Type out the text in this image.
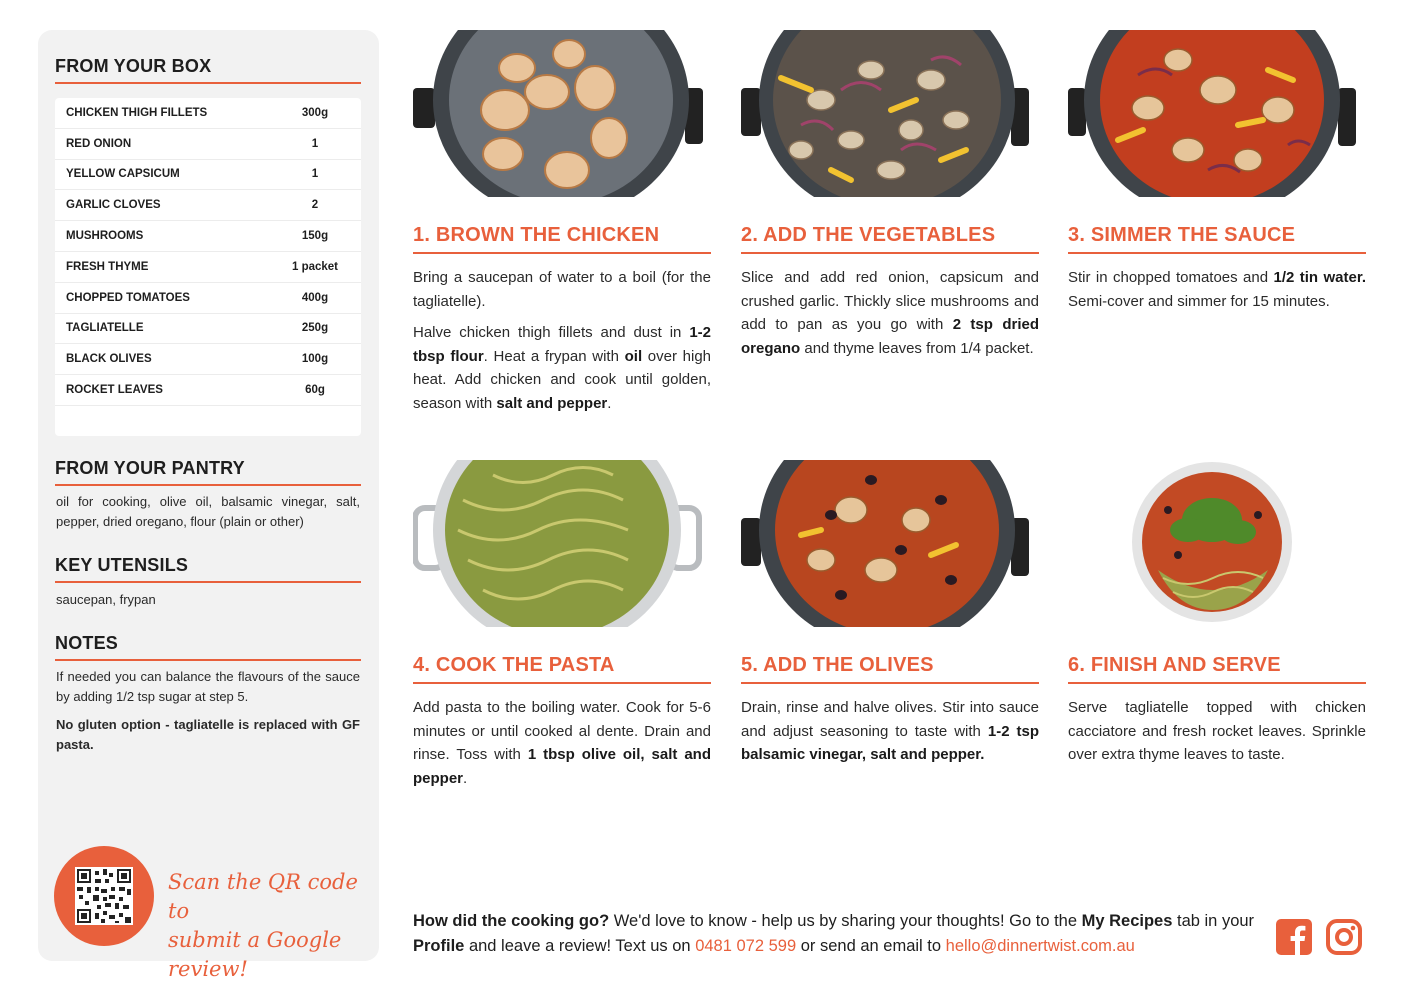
FROM YOUR BOX
CHICKEN THIGH FILLETS	300g
RED ONION	1
YELLOW CAPSICUM	1
GARLIC CLOVES	2
MUSHROOMS	150g
FRESH THYME	1 packet
CHOPPED TOMATOES	400g
TAGLIATELLE	250g
BLACK OLIVES	100g
ROCKET LEAVES	60g
FROM YOUR PANTRY
oil for cooking, olive oil, balsamic vinegar, salt, pepper, dried oregano, flour (plain or other)
KEY UTENSILS
saucepan, frypan
NOTES
If needed you can balance the flavours of the sauce by adding 1/2 tsp sugar at step 5.
No gluten option - tagliatelle is replaced with GF pasta.
Scan the QR code to
submit a Google review!
1. BROWN THE CHICKEN

Bring a saucepan of water to a boil (for the tagliatelle).

Halve chicken thigh fillets and dust in 1-2 tbsp flour. Heat a frypan with oil over high heat. Add chicken and cook until golden, season with salt and pepper.

2. ADD THE VEGETABLES

Slice and add red onion, capsicum and crushed garlic. Thickly slice mushrooms and add to pan as you go with 2 tsp dried oregano and thyme leaves from 1/4 packet.

3. SIMMER THE SAUCE

Stir in chopped tomatoes and 1/2 tin water. Semi-cover and simmer for 15 minutes.

4. COOK THE PASTA

Add pasta to the boiling water. Cook for 5-6 minutes or until cooked al dente. Drain and rinse. Toss with 1 tbsp olive oil, salt and pepper.

5. ADD THE OLIVES

Drain, rinse and halve olives. Stir into sauce and adjust seasoning to taste with 1-2 tsp balsamic vinegar, salt and pepper.

6. FINISH AND SERVE

Serve tagliatelle topped with chicken cacciatore and fresh rocket leaves. Sprinkle over extra thyme leaves to taste.

How did the cooking go? We'd love to know - help us by sharing your thoughts! Go to the My Recipes tab in your Profile and leave a review! Text us on 0481 072 599 or send an email to hello@dinnertwist.com.au
